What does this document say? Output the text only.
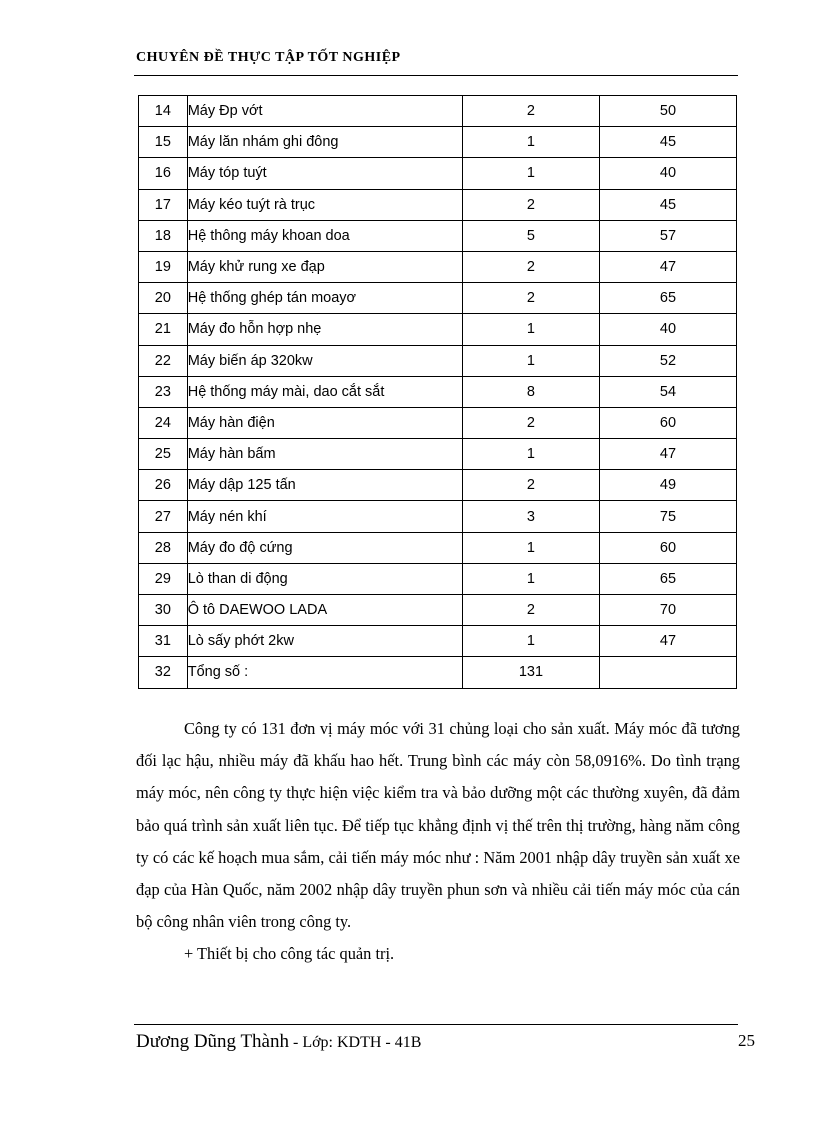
CHUYÊN ĐỀ THỰC TẬP TỐT NGHIỆP
14	Máy Đp vớt	2	50
15	Máy lăn nhám ghi đông	1	45
16	Máy tóp tuýt	1	40
17	Máy kéo tuýt rà trục	2	45
18	Hệ thông máy khoan doa	5	57
19	Máy khử rung xe đạp	2	47
20	Hệ thống ghép tán moayơ	2	65
21	Máy đo hỗn hợp nhẹ	1	40
22	Máy biến áp 320kw	1	52
23	Hệ thống máy mài, dao cắt sắt	8	54
24	Máy hàn điện	2	60
25	Máy hàn bấm	1	47
26	Máy dập 125 tấn	2	49
27	Máy nén khí	3	75
28	Máy đo độ cứng	1	60
29	Lò than di động	1	65
30	Ô tô DAEWOO LADA	2	70
31	Lò sấy phớt 2kw	1	47
32	Tổng số :	131	

Công ty có 131 đơn vị máy móc với 31 chủng loại cho sản xuất. Máy móc đã tương đối lạc hậu, nhiều máy đã khấu hao hết. Trung bình các máy còn 58,0916%. Do tình trạng máy móc, nên công ty thực hiện việc kiểm tra và bảo dưỡng một các thường xuyên, đã đảm bảo quá trình sản xuất liên tục. Để tiếp tục khẳng định vị thế trên thị trường, hàng năm công ty có các kế hoạch mua sắm, cải tiến máy móc như : Năm 2001 nhập dây truyền sản xuất xe đạp của Hàn Quốc, năm 2002 nhập dây truyền phun sơn và nhiều cải tiến máy móc của cán bộ công nhân viên trong công ty.

+ Thiết bị cho công tác quản trị.

Dương Dũng Thành - Lớp: KDTH - 41B	25
